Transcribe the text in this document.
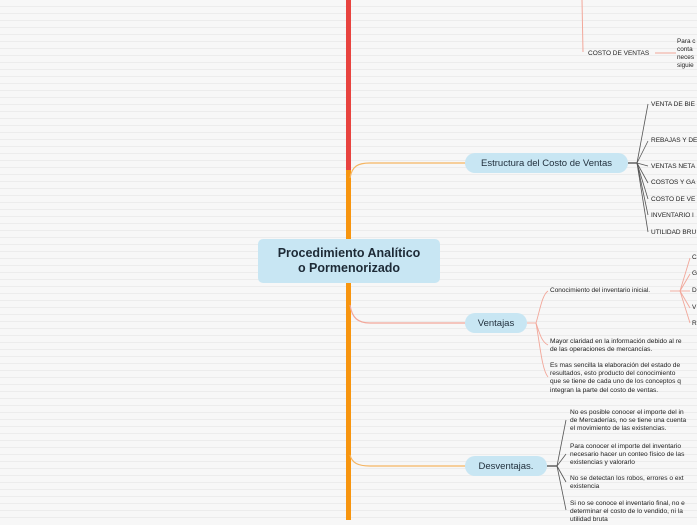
Procedimiento Analítico
o Pormenorizado
COSTO DE VENTAS
Para c
conta
neces
siguie
Estructura del Costo de Ventas
VENTA DE BIE
REBAJAS Y DE
VENTAS NETA
COSTOS Y GA
COSTO DE VE
INVENTARIO I
UTILIDAD BRU
Ventajas
Conocimiento del inventario inicial.
C
G
D
V
R
Mayor claridad en la información debido al re
de las operaciones de mercancías.
Es mas sencilla la elaboración del estado de
resultados, esto producto del conocimiento
que se tiene de cada uno de los conceptos q
integran la parte del costo de ventas.
Desventajas.
No es posible conocer el importe del in
de Mercaderías, no se tiene una cuenta
el movimiento de las existencias.
Para conocer el importe del inventario
necesario hacer un conteo físico de las
existencias y valorarlo
No se detectan los robos, errores o ext
existencia
Si no se conoce el inventario final, no e
determinar el costo de lo vendido, ni la
utilidad bruta
